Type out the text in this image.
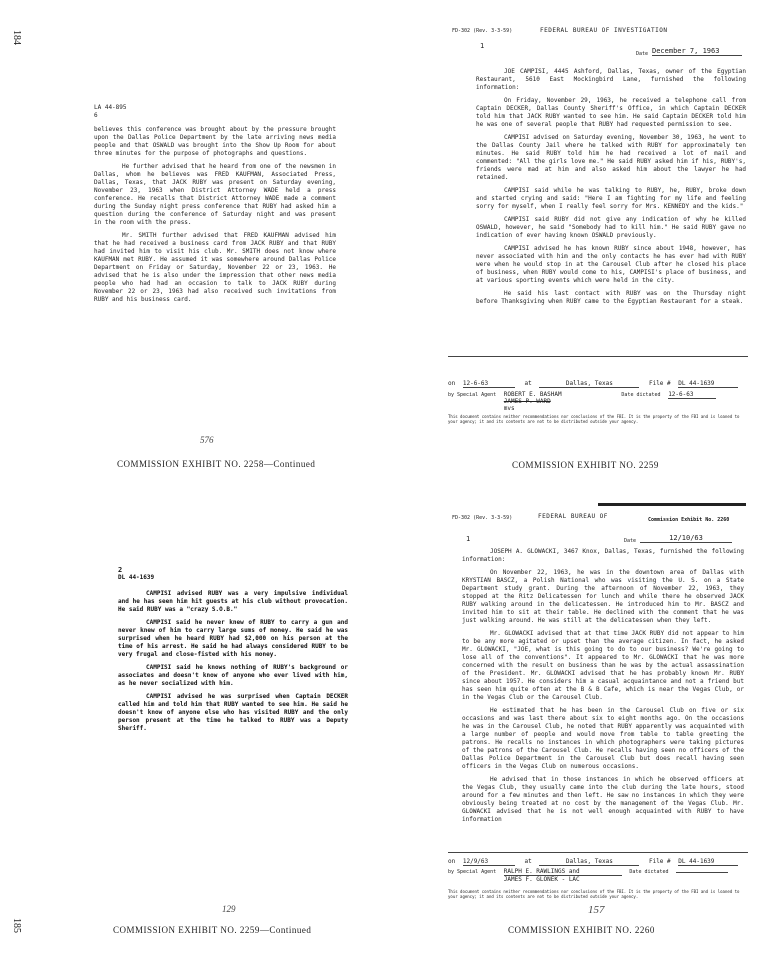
184
185
LA 44-895
6

believes this conference was brought about by the pressure brought upon the Dallas Police Department by the late arriving news media people and that OSWALD was brought into the Show Up Room for about three minutes for the purpose of photographs and questions.

He further advised that he heard from one of the newsmen in Dallas, whom he believes was FRED KAUFMAN, Associated Press, Dallas, Texas, that JACK RUBY was present on Saturday evening, November 23, 1963 when District Attorney WADE held a press conference. He recalls that District Attorney WADE made a comment during the Sunday night press conference that RUBY had asked him a question during the conference of Saturday night and was present in the room with the press.

Mr. SMITH further advised that FRED KAUFMAN advised him that he had received a business card from JACK RUBY and that RUBY had invited him to visit his club. Mr. SMITH does not know where KAUFMAN met RUBY. He assumed it was somewhere around Dallas Police Department on Friday or Saturday, November 22 or 23, 1963. He advised that he is also under the impression that other news media people who had had an occasion to talk to JACK RUBY during November 22 or 23, 1963 had also received such invitations from RUBY and his business card.

576
COMMISSION EXHIBIT NO. 2258—Continued
FD-302 (Rev. 3-3-59)	FEDERAL BUREAU OF INVESTIGATION
1
Date December 7, 1963

JOE CAMPISI, 4445 Ashford, Dallas, Texas, owner of the Egyptian Restaurant, 5610 East Mockingbird Lane, furnished the following information:

On Friday, November 29, 1963, he received a telephone call from Captain DECKER, Dallas County Sheriff's Office, in which Captain DECKER told him that JACK RUBY wanted to see him. He said Captain DECKER told him he was one of several people that RUBY had requested permission to see.

CAMPISI advised on Saturday evening, November 30, 1963, he went to the Dallas County Jail where he talked with RUBY for approximately ten minutes. He said RUBY told him he had received a lot of mail and commented: "All the girls love me." He said RUBY asked him if his, RUBY's, friends were mad at him and also asked him about the lawyer he had retained.

CAMPISI said while he was talking to RUBY, he, RUBY, broke down and started crying and said: "Here I am fighting for my life and feeling sorry for myself, when I really feel sorry for Mrs. KENNEDY and the kids."

CAMPISI said RUBY did not give any indication of why he killed OSWALD, however, he said "Somebody had to kill him." He said RUBY gave no indication of ever having known OSWALD previously.

CAMPISI advised he has known RUBY since about 1948, however, has never associated with him and the only contacts he has ever had with RUBY were when he would stop in at the Carousel Club after he closed his place of business, when RUBY would come to his, CAMPISI's place of business, and at various sporting events which were held in the city.

He said his last contact with RUBY was on the Thursday night before Thanksgiving when RUBY came to the Egyptian Restaurant for a steak.

on 12-6-63	at	Dallas, Texas	File # DL 44-1639
by Special Agent ROBERT E. BASHAM
JAMES P. WARD
mvs
Date dictated 12-6-63
This document contains neither recommendations nor conclusions of the FBI. It is the property of the FBI and is loaned to your agency; it and its contents are not to be distributed outside your agency.
COMMISSION EXHIBIT NO. 2259
2
DL 44-1639

CAMPISI advised RUBY was a very impulsive individual and he has seen him hit guests at his club without provocation. He said RUBY was a "crazy S.O.B."

CAMPISI said he never knew of RUBY to carry a gun and never knew of him to carry large sums of money. He said he was surprised when he heard RUBY had $2,000 on his person at the time of his arrest. He said he had always considered RUBY to be very frugal and close-fisted with his money.

CAMPISI said he knows nothing of RUBY's background or associates and doesn't know of anyone who ever lived with him, as he never socialized with him.

CAMPISI advised he was surprised when Captain DECKER called him and told him that RUBY wanted to see him. He said he doesn't know of anyone else who has visited RUBY and the only person present at the time he talked to RUBY was a Deputy Sheriff.

129
COMMISSION EXHIBIT NO. 2259—Continued
FD-302 (Rev. 3-3-59)	FEDERAL BUREAU OF	Commission Exhibit No. 2260
1	Date	12/10/63

JOSEPH A. GLOWACKI, 3467 Knox, Dallas, Texas, furnished the following information:

On November 22, 1963, he was in the downtown area of Dallas with KRYSTIAN BASCZ, a Polish National who was visiting the U. S. on a State Department study grant. During the afternoon of November 22, 1963, they stopped at the Ritz Delicatessen for lunch and while there he observed JACK RUBY walking around in the delicatessen. He introduced him to Mr. BASCZ and invited him to sit at their table. He declined with the comment that he was just walking around. He was still at the delicatessen when they left.

Mr. GLOWACKI advised that at that time JACK RUBY did not appear to him to be any more agitated or upset than the average citizen. In fact, he asked Mr. GLOWACKI, "JOE, what is this going to do to our business? We're going to lose all of the conventions". It appeared to Mr. GLOWACKI that he was more concerned with the result on business than he was by the actual assassination of the President. Mr. GLOWACKI advised that he has probably known Mr. RUBY since about 1957. He considers him a casual acquaintance and not a friend but has seen him quite often at the B & B Cafe, which is near the Vegas Club, or in the Vegas Club or the Carousel Club.

He estimated that he has been in the Carousel Club on five or six occasions and was last there about six to eight months ago. On the occasions he was in the Carousel Club, he noted that RUBY apparently was acquainted with a large number of people and would move from table to table greeting the patrons. He recalls no instances in which photographers were taking pictures of the patrons of the Carousel Club. He recalls having seen no officers of the Dallas Police Department in the Carousel Club but does recall having seen officers in the Vegas Club on numerous occasions.

He advised that in those instances in which he observed officers at the Vegas Club, they usually came into the club during the late hours, stood around for a few minutes and then left. He saw no instances in which they were obviously being treated at no cost by the management of the Vegas Club. Mr. GLOWACKI advised that he is not well enough acquainted with RUBY to have information

on 12/9/63	at	Dallas, Texas	File # DL 44-1639
by Special Agent RALPH E. RAWLINGS and
JAMES F. GLONEK - LAC
Date dictated
This document contains neither recommendations nor conclusions of the FBI. It is the property of the FBI and is loaned to your agency; it and its contents are not to be distributed outside your agency.
157
COMMISSION EXHIBIT NO. 2260
